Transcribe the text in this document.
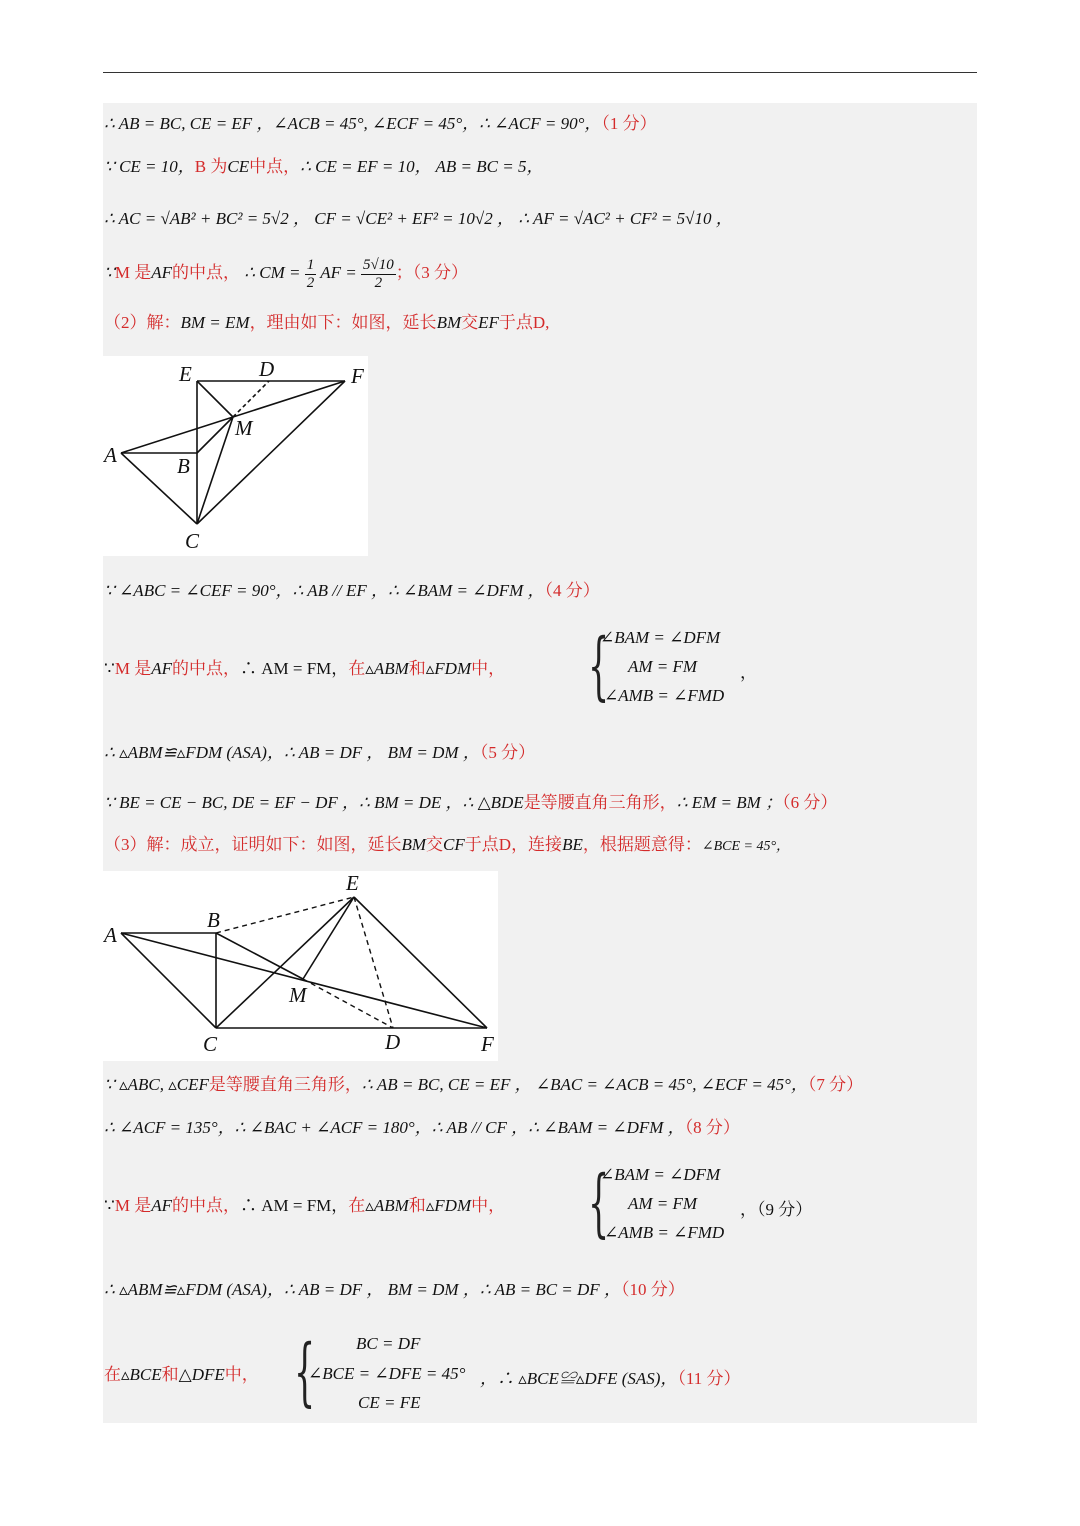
∴ AB = BC, CE = EF ，∠ACB = 45°, ∠ECF = 45°，∴ ∠ACF = 90°，（1 分）
∵ CE = 10，B 为CE中点，∴ CE = EF = 10， AB = BC = 5，
∴ AC = √AB² + BC² = 5√2 ， CF = √CE² + EF² = 10√2 ， ∴ AF = √AC² + CF² = 5√10 ，
∵M 是AF的中点， ∴ CM = $\frac{1}{2}$ AF = $\frac{5√10}{2}$ ；（3 分）
（2）解：BM = EM，理由如下：如图，延长BM交EF于点D,
E	D	F
A	B
M
C
∵ ∠ABC = ∠CEF = 90°，∴ AB // EF ，∴ ∠BAM = ∠DFM ，（4 分）
∵M 是AF的中点，∴ AM = FM，在▵ABM和▵FDM中， {
∠BAM = ∠DFM
AM = FM
∠AMB = ∠FMD
，
∴ ▵ABM≌▵FDM (ASA)，∴ AB = DF ， BM = DM ，（5 分）
∵ BE = CE − BC, DE = EF − DF ，∴ BM = DE ，∴ △BDE是等腰直角三角形，∴ EM = BM ；（6 分）
（3）解：成立，证明如下：如图，延长BM交CF于点D，连接BE，根据题意得：∠BCE = 45°，
E
B
A
M
C	D	F
∵ ▵ABC, ▵CEF是等腰直角三角形，∴ AB = BC, CE = EF ， ∠BAC = ∠ACB = 45°, ∠ECF = 45°，（7 分）
∴ ∠ACF = 135°，∴ ∠BAC + ∠ACF = 180°，∴ AB // CF ，∴ ∠BAM = ∠DFM ，（8 分）
∵M 是AF的中点，∴ AM = FM，在▵ABM和▵FDM中， {
∠BAM = ∠DFM
AM = FM
∠AMB = ∠FMD
，（9 分）
∴ ▵ABM≌▵FDM (ASA)，∴ AB = DF ， BM = DM ，∴ AB = BC = DF ，（10 分）
在▵BCE和△DFE中， { BC = DF
∠BCE = ∠DFE = 45°
CE = FE
，∴ ▵BCE≌▵DFE (SAS)，（11 分）
